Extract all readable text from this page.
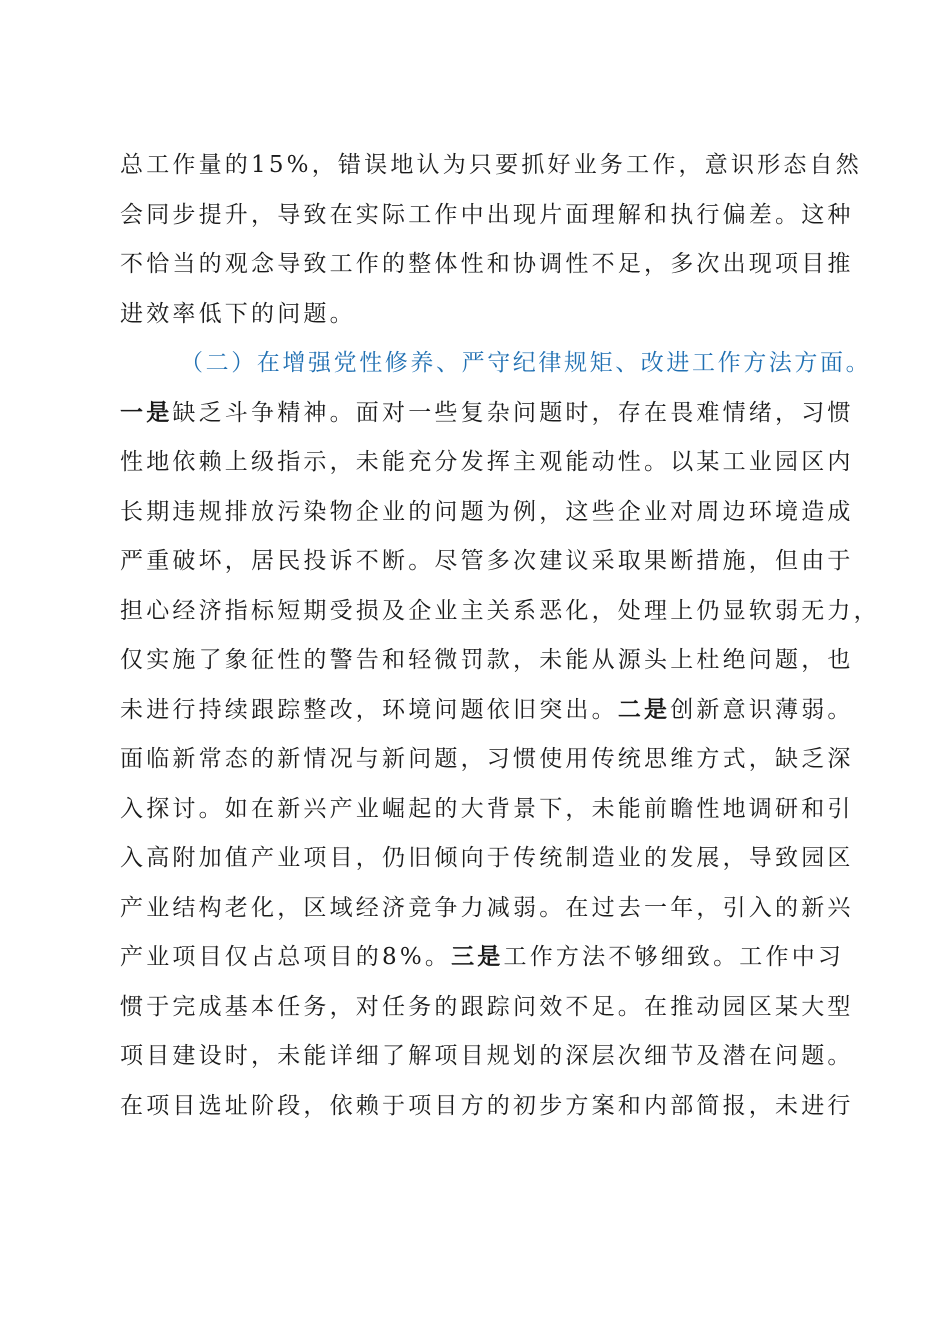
总工作量的15%，错误地认为只要抓好业务工作，意识形态自然
会同步提升，导致在实际工作中出现片面理解和执行偏差。这种
不恰当的观念导致工作的整体性和协调性不足，多次出现项目推
进效率低下的问题。
（二）在增强党性修养、严守纪律规矩、改进工作方法方面。
一是缺乏斗争精神。面对一些复杂问题时，存在畏难情绪，习惯
性地依赖上级指示，未能充分发挥主观能动性。以某工业园区内
长期违规排放污染物企业的问题为例，这些企业对周边环境造成
严重破坏，居民投诉不断。尽管多次建议采取果断措施，但由于
担心经济指标短期受损及企业主关系恶化，处理上仍显软弱无力，
仅实施了象征性的警告和轻微罚款，未能从源头上杜绝问题，也
未进行持续跟踪整改，环境问题依旧突出。二是创新意识薄弱。
面临新常态的新情况与新问题，习惯使用传统思维方式，缺乏深
入探讨。如在新兴产业崛起的大背景下，未能前瞻性地调研和引
入高附加值产业项目，仍旧倾向于传统制造业的发展，导致园区
产业结构老化，区域经济竞争力减弱。在过去一年，引入的新兴
产业项目仅占总项目的8%。三是工作方法不够细致。工作中习
惯于完成基本任务，对任务的跟踪问效不足。在推动园区某大型
项目建设时，未能详细了解项目规划的深层次细节及潜在问题。
在项目选址阶段，依赖于项目方的初步方案和内部简报，未进行
